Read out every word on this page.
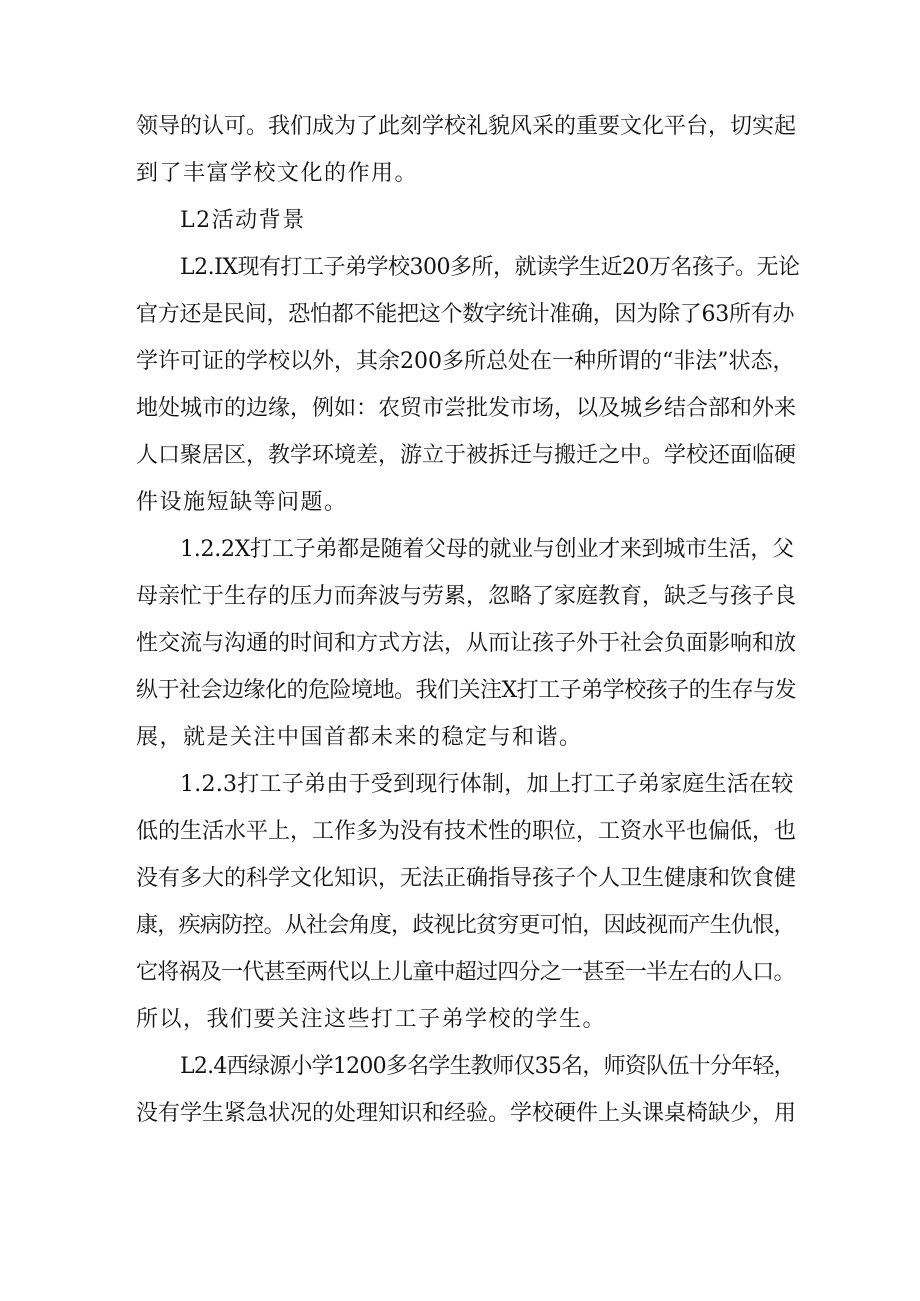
领导的认可。我们成为了此刻学校礼貌风采的重要文化平台，切实起
到了丰富学校文化的作用。
L2活动背景
L2.IX现有打工子弟学校300多所，就读学生近20万名孩子。无论
官方还是民间，恐怕都不能把这个数字统计准确，因为除了63所有办
学许可证的学校以外，其余200多所总处在一种所谓的“非法”状态，
地处城市的边缘，例如：农贸市尝批发市场，以及城乡结合部和外来
人口聚居区，教学环境差，游立于被拆迁与搬迁之中。学校还面临硬
件设施短缺等问题。
1.2.2X打工子弟都是随着父母的就业与创业才来到城市生活，父
母亲忙于生存的压力而奔波与劳累，忽略了家庭教育，缺乏与孩子良
性交流与沟通的时间和方式方法，从而让孩子外于社会负面影响和放
纵于社会边缘化的危险境地。我们关注X打工子弟学校孩子的生存与发
展，就是关注中国首都未来的稳定与和谐。
1.2.3打工子弟由于受到现行体制，加上打工子弟家庭生活在较
低的生活水平上，工作多为没有技术性的职位，工资水平也偏低，也
没有多大的科学文化知识，无法正确指导孩子个人卫生健康和饮食健
康，疾病防控。从社会角度，歧视比贫穷更可怕，因歧视而产生仇恨，
它将祸及一代甚至两代以上儿童中超过四分之一甚至一半左右的人口。
所以，我们要关注这些打工子弟学校的学生。
L2.4西绿源小学1200多名学生教师仅35名，师资队伍十分年轻，
没有学生紧急状况的处理知识和经验。学校硬件上头课桌椅缺少，用
